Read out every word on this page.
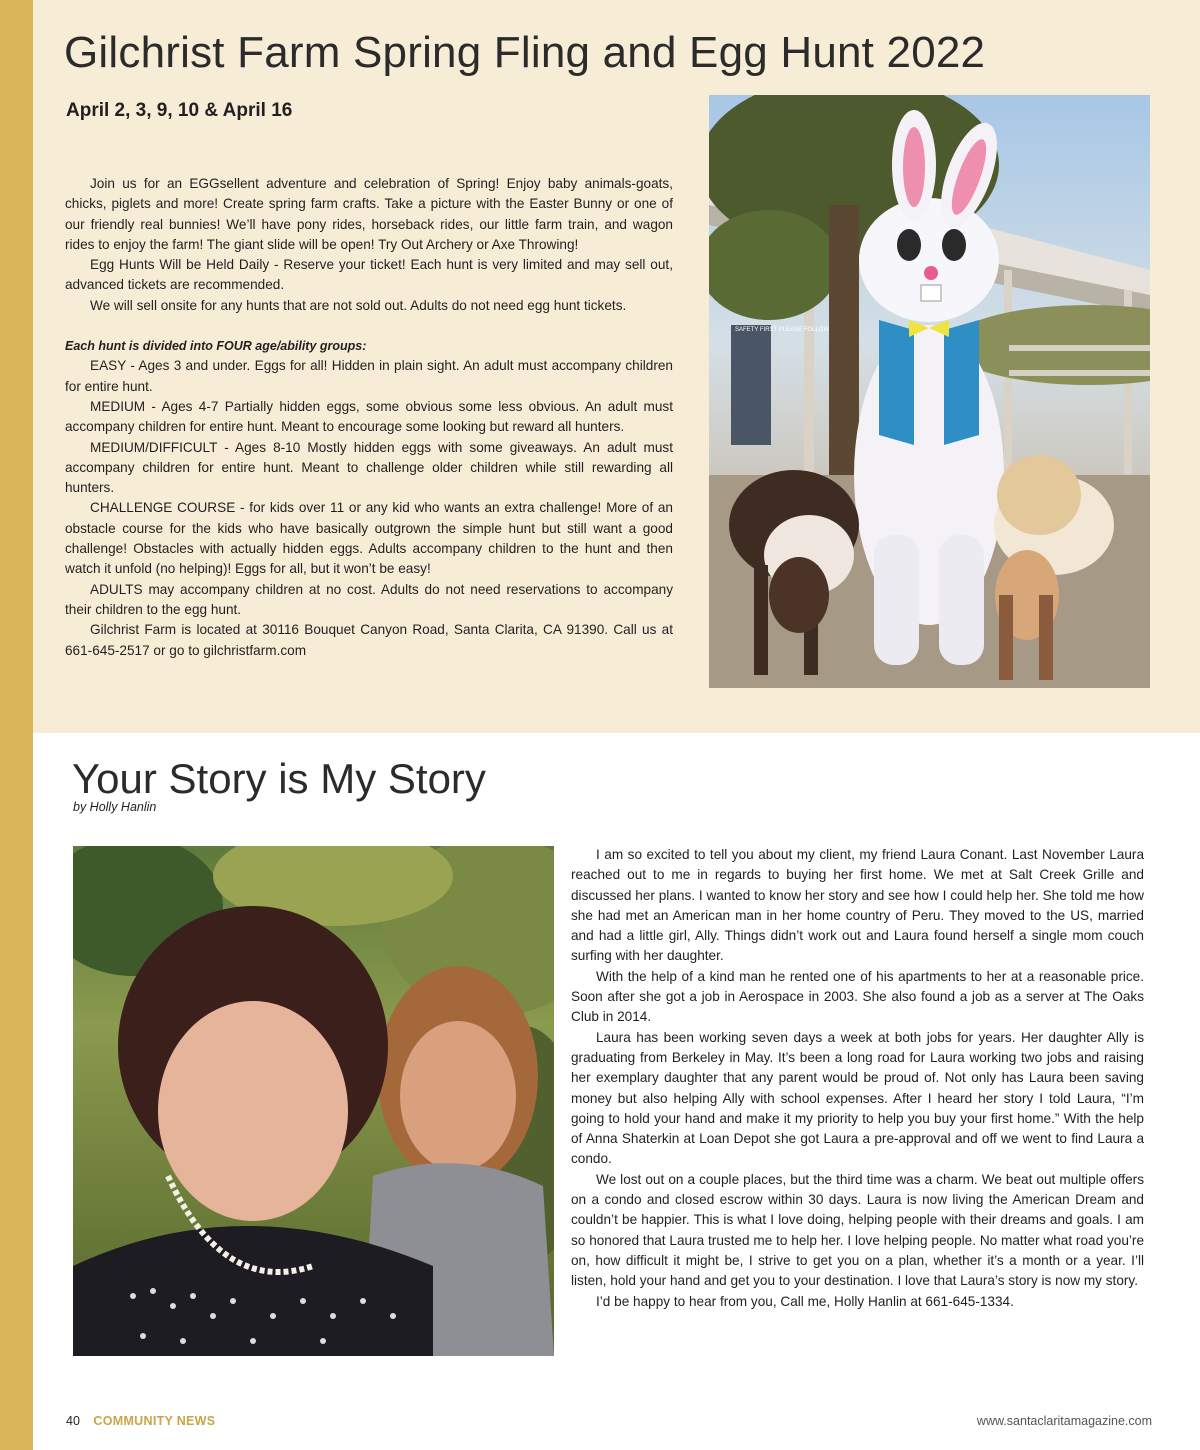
Gilchrist Farm Spring Fling and Egg Hunt 2022
April 2, 3, 9, 10 & April 16

Join us for an EGGsellent adventure and celebration of Spring! Enjoy baby animals-goats, chicks, piglets and more! Create spring farm crafts. Take a picture with the Easter Bunny or one of our friendly real bunnies! We’ll have pony rides, horseback rides, our little farm train, and wagon rides to enjoy the farm! The giant slide will be open! Try Out Archery or Axe Throwing!

Egg Hunts Will be Held Daily - Reserve your ticket! Each hunt is very limited and may sell out, advanced tickets are recommended.

We will sell onsite for any hunts that are not sold out. Adults do not need egg hunt tickets.

Each hunt is divided into FOUR age/ability groups:

EASY - Ages 3 and under. Eggs for all! Hidden in plain sight. An adult must accompany children for entire hunt.

MEDIUM - Ages 4-7 Partially hidden eggs, some obvious some less obvious. An adult must accompany children for entire hunt. Meant to encourage some looking but reward all hunters.

MEDIUM/DIFFICULT - Ages 8-10 Mostly hidden eggs with some giveaways. An adult must accompany children for entire hunt. Meant to challenge older children while still rewarding all hunters.

CHALLENGE COURSE - for kids over 11 or any kid who wants an extra challenge! More of an obstacle course for the kids who have basically outgrown the simple hunt but still want a good challenge! Obstacles with actually hidden eggs. Adults accompany children to the hunt and then watch it unfold (no helping)! Eggs for all, but it won’t be easy!

ADULTS may accompany children at no cost. Adults do not need reservations to accompany their children to the egg hunt.

Gilchrist Farm is located at 30116 Bouquet Canyon Road, Santa Clarita, CA 91390. Call us at 661-645-2517 or go to gilchristfarm.com

SAFETY FIRST PLEASE FOLLOW
Your Story is My Story
by Holly Hanlin

I am so excited to tell you about my client, my friend Laura Conant. Last November Laura reached out to me in regards to buying her first home. We met at Salt Creek Grille and discussed her plans. I wanted to know her story and see how I could help her. She told me how she had met an American man in her home country of Peru. They moved to the US, married and had a little girl, Ally. Things didn’t work out and Laura found herself a single mom couch surfing with her daughter.

With the help of a kind man he rented one of his apartments to her at a reasonable price. Soon after she got a job in Aerospace in 2003. She also found a job as a server at The Oaks Club in 2014.

Laura has been working seven days a week at both jobs for years. Her daughter Ally is graduating from Berkeley in May. It’s been a long road for Laura working two jobs and raising her exemplary daughter that any parent would be proud of. Not only has Laura been saving money but also helping Ally with school expenses. After I heard her story I told Laura, “I’m going to hold your hand and make it my priority to help you buy your first home.” With the help of Anna Shaterkin at Loan Depot she got Laura a pre-approval and off we went to find Laura a condo.

We lost out on a couple places, but the third time was a charm. We beat out multiple offers on a condo and closed escrow within 30 days. Laura is now living the American Dream and couldn’t be happier. This is what I love doing, helping people with their dreams and goals. I am so honored that Laura trusted me to help her. I love helping people. No matter what road you’re on, how difficult it might be, I strive to get you on a plan, whether it’s a month or a year. I’ll listen, hold your hand and get you to your destination. I love that Laura’s story is now my story.

I’d be happy to hear from you, Call me, Holly Hanlin at 661-645-1334.

40 COMMUNITY NEWS	www.santaclaritamagazine.com
